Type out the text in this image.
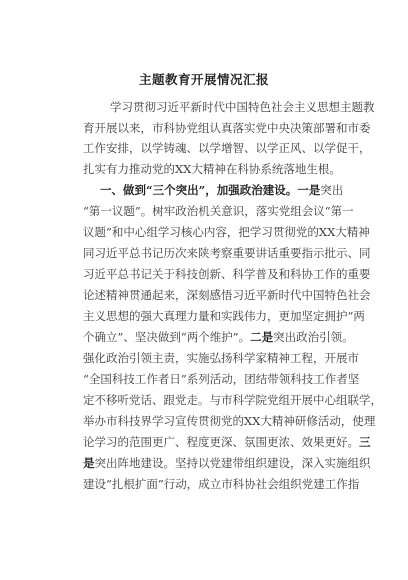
主题教育开展情况汇报
学习贯彻习近平新时代中国特色社会主义思想主题教
育开展以来，市科协党组认真落实党中央决策部署和市委
工作安排，以学铸魂、以学增智、以学正风、以学促干，
扎实有力推动党的XX大精神在科协系统落地生根。
一、做到“三个突出”，加强政治建设。一是突出
“第一议题”。树牢政治机关意识，落实党组会议“第一
议题”和中心组学习核心内容，把学习贯彻党的XX大精神
同习近平总书记历次来陕考察重要讲话重要指示批示、同
习近平总书记关于科技创新、科学普及和科协工作的重要
论述精神贯通起来，深刻感悟习近平新时代中国特色社会
主义思想的强大真理力量和实践伟力，更加坚定拥护“两
个确立”、坚决做到“两个维护”。二是突出政治引领。
强化政治引领主责，实施弘扬科学家精神工程，开展市
“全国科技工作者日”系列活动，团结带领科技工作者坚
定不移听党话、跟党走。与市科学院党组开展中心组联学，
举办市科技界学习宣传贯彻党的XX大精神研修活动，使理
论学习的范围更广、程度更深、氛围更浓、效果更好。三
是突出阵地建设。坚持以党建带组织建设，深入实施组织
建设“扎根扩面”行动，成立市科协社会组织党建工作指
